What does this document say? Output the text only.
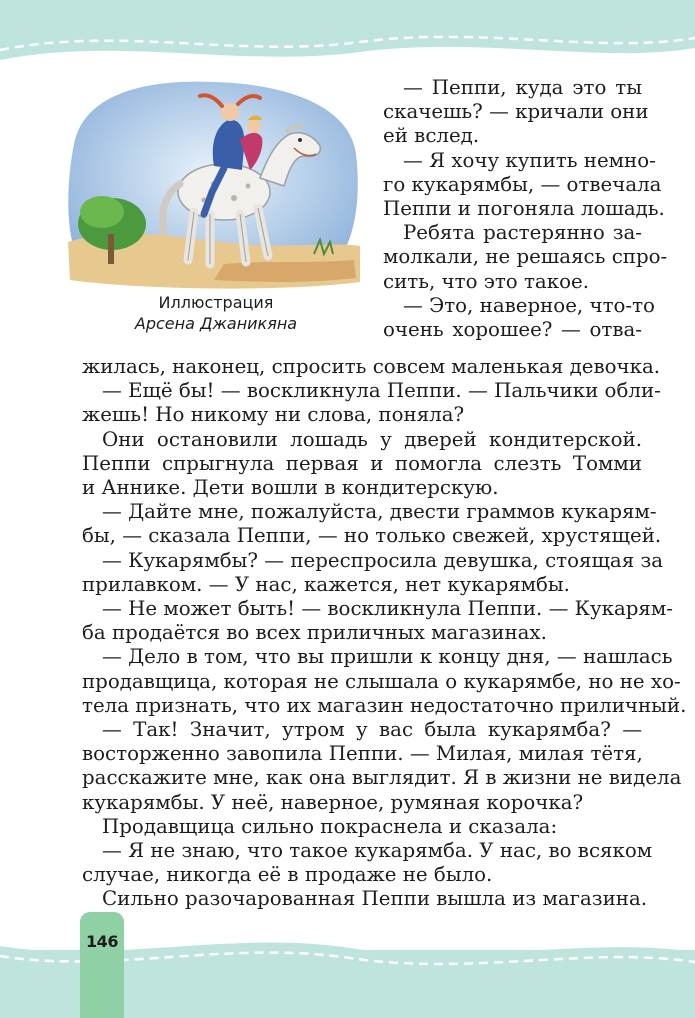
Иллюстрация
Арсена Джаникяна
— Пеппи, куда это ты
скачешь? — кричали они
ей вслед.
— Я хочу купить немно-
го кукарямбы, — отвечала
Пеппи и погоняла лошадь.
Ребята растерянно за-
молкали, не решаясь спро-
сить, что это такое.
— Это, наверное, что-то
очень хорошее? — отва-
жилась, наконец, спросить совсем маленькая девочка.
— Ещё бы! — воскликнула Пеппи. — Пальчики обли-
жешь! Но никому ни слова, поняла?
Они остановили лошадь у дверей кондитерской.
Пеппи спрыгнула первая и помогла слезть Томми
и Аннике. Дети вошли в кондитерскую.
— Дайте мне, пожалуйста, двести граммов кукарям-
бы, — сказала Пеппи, — но только свежей, хрустящей.
— Кукарямбы? — переспросила девушка, стоящая за
прилавком. — У нас, кажется, нет кукарямбы.
— Не может быть! — воскликнула Пеппи. — Кукарям-
ба продаётся во всех приличных магазинах.
— Дело в том, что вы пришли к концу дня, — нашлась
продавщица, которая не слышала о кукарямбе, но не хо-
тела признать, что их магазин недостаточно приличный.
— Так! Значит, утром у вас была кукарямба? —
восторженно завопила Пеппи. — Милая, милая тётя,
расскажите мне, как она выглядит. Я в жизни не видела
кукарямбы. У неё, наверное, румяная корочка?
Продавщица сильно покраснела и сказала:
— Я не знаю, что такое кукарямба. У нас, во всяком
случае, никогда её в продаже не было.
Сильно разочарованная Пеппи вышла из магазина.
146
